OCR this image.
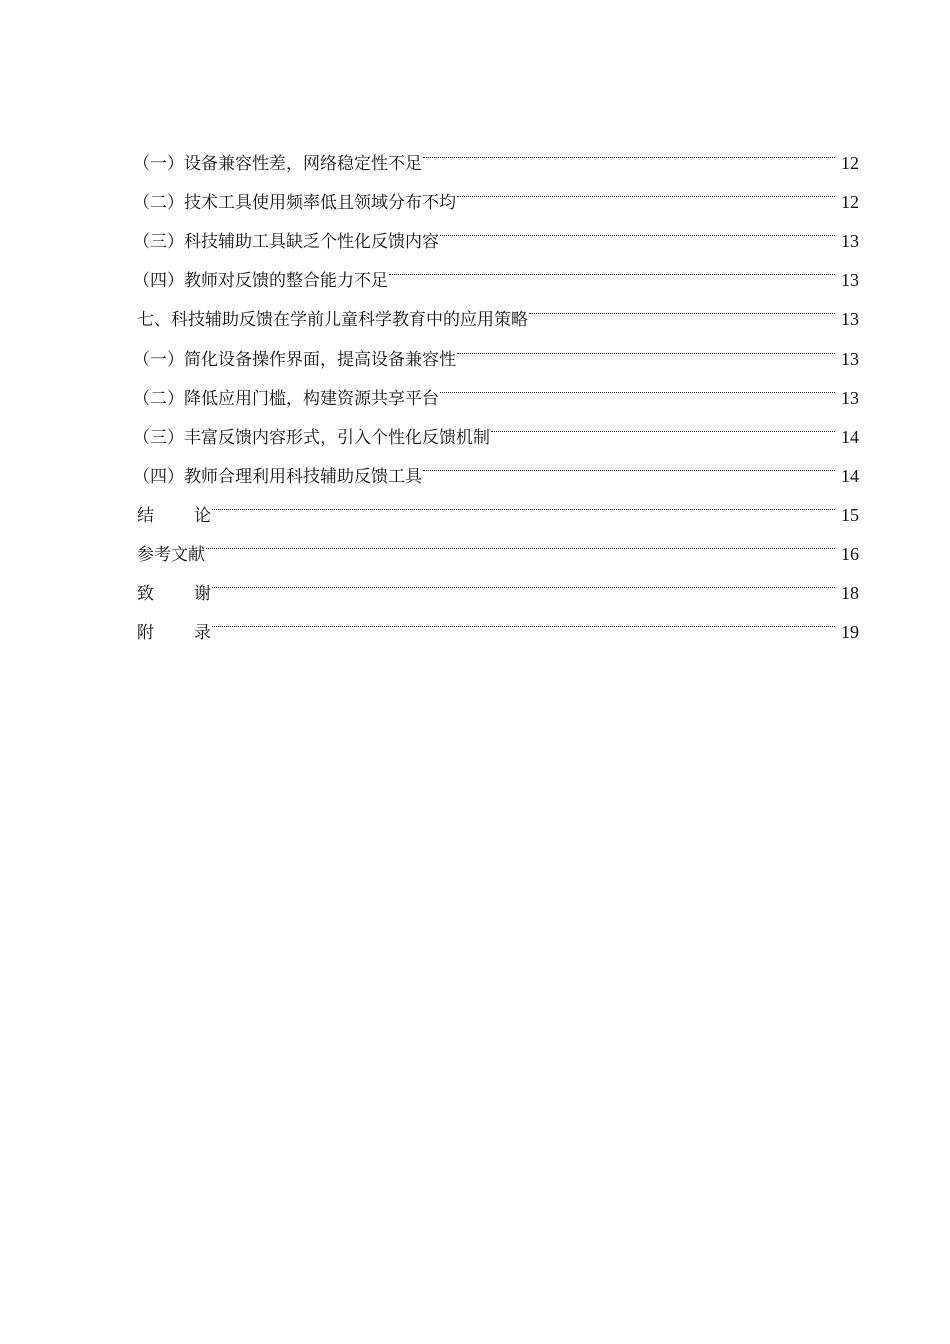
（一）设备兼容性差，网络稳定性不足	12
（二）技术工具使用频率低且领域分布不均	12
（三）科技辅助工具缺乏个性化反馈内容	13
（四）教师对反馈的整合能力不足	13
七、科技辅助反馈在学前儿童科学教育中的应用策略	13
（一）简化设备操作界面，提高设备兼容性	13
（二）降低应用门槛，构建资源共享平台	13
（三）丰富反馈内容形式，引入个性化反馈机制	14
（四）教师合理利用科技辅助反馈工具	14
结 论	15
参考文献	16
致 谢	18
附 录	19
